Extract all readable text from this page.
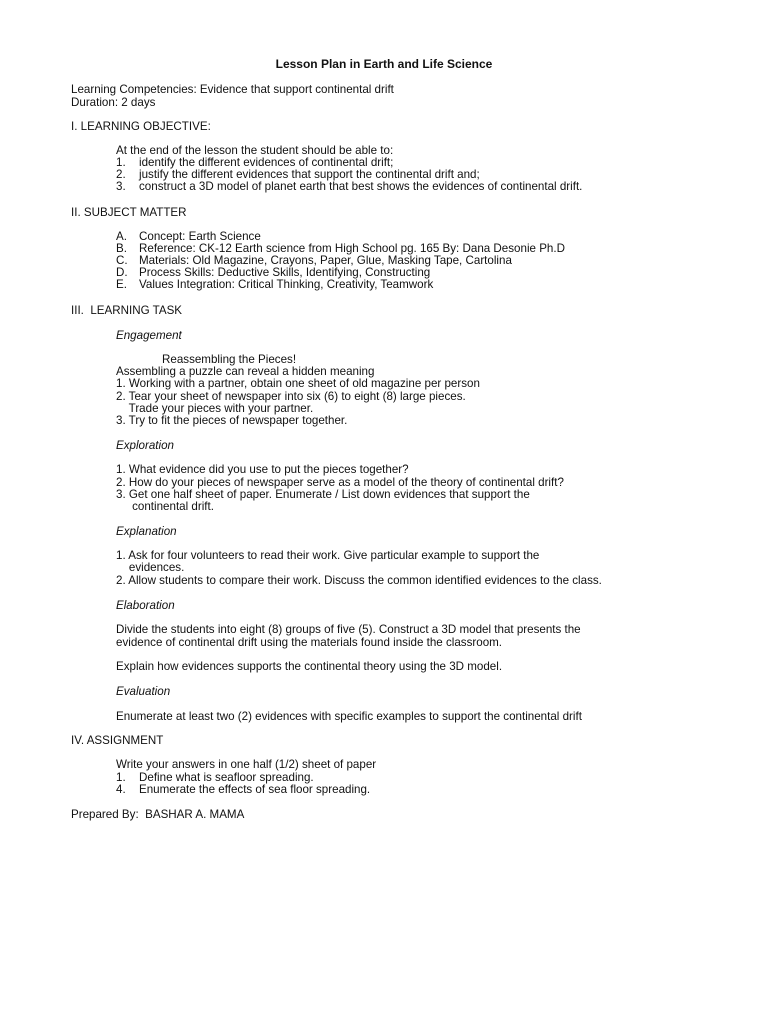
Lesson Plan in Earth and Life Science
Learning Competencies: Evidence that support continental drift
Duration: 2 days
I. LEARNING OBJECTIVE:
At the end of the lesson the student should be able to:
1. identify the different evidences of continental drift;
2. justify the different evidences that support the continental drift and;
3. construct a 3D model of planet earth that best shows the evidences of continental drift.
II. SUBJECT MATTER
A. Concept: Earth Science
B. Reference: CK-12 Earth science from High School pg. 165 By: Dana Desonie Ph.D
C. Materials: Old Magazine, Crayons, Paper, Glue, Masking Tape, Cartolina
D. Process Skills: Deductive Skills, Identifying, Constructing
E. Values Integration: Critical Thinking, Creativity, Teamwork
III.  LEARNING TASK
Engagement
Reassembling the Pieces!
Assembling a puzzle can reveal a hidden meaning
1. Working with a partner, obtain one sheet of old magazine per person
2. Tear your sheet of newspaper into six (6) to eight (8) large pieces.
Trade your pieces with your partner.
3. Try to fit the pieces of newspaper together.
Exploration
1. What evidence did you use to put the pieces together?
2. How do your pieces of newspaper serve as a model of the theory of continental drift?
3. Get one half sheet of paper. Enumerate / List down evidences that support the
continental drift.
Explanation
1. Ask for four volunteers to read their work. Give particular example to support the
evidences.
2. Allow students to compare their work. Discuss the common identified evidences to the class.
Elaboration
Divide the students into eight (8) groups of five (5). Construct a 3D model that presents the
evidence of continental drift using the materials found inside the classroom.
Explain how evidences supports the continental theory using the 3D model.
Evaluation
Enumerate at least two (2) evidences with specific examples to support the continental drift
IV. ASSIGNMENT
Write your answers in one half (1/2) sheet of paper
1. Define what is seafloor spreading.
4. Enumerate the effects of sea floor spreading.
Prepared By:  BASHAR A. MAMA
